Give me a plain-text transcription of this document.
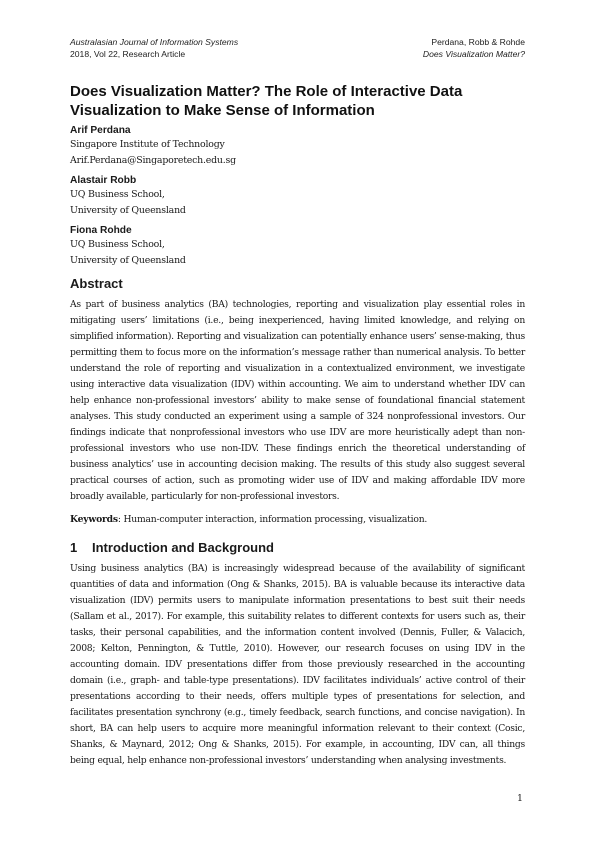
Australasian Journal of Information Systems
2018, Vol 22, Research Article
Perdana, Robb & Rohde
Does Visualization Matter?
Does Visualization Matter? The Role of Interactive Data Visualization to Make Sense of Information
Arif Perdana
Singapore Institute of Technology
Arif.Perdana@Singaporetech.edu.sg
Alastair Robb
UQ Business School,
University of Queensland
Fiona Rohde
UQ Business School,
University of Queensland
Abstract

As part of business analytics (BA) technologies, reporting and visualization play essential roles in mitigating users’ limitations (i.e., being inexperienced, having limited knowledge, and relying on simplified information). Reporting and visualization can potentially enhance users’ sense-making, thus permitting them to focus more on the information’s message rather than numerical analysis. To better understand the role of reporting and visualization in a contextualized environment, we investigate using interactive data visualization (IDV) within accounting. We aim to understand whether IDV can help enhance non-professional investors’ ability to make sense of foundational financial statement analyses. This study conducted an experiment using a sample of 324 nonprofessional investors. Our findings indicate that nonprofessional investors who use IDV are more heuristically adept than non-professional investors who use non-IDV. These findings enrich the theoretical understanding of business analytics’ use in accounting decision making. The results of this study also suggest several practical courses of action, such as promoting wider use of IDV and making affordable IDV more broadly available, particularly for non-professional investors.

Keywords: Human-computer interaction, information processing, visualization.
1 Introduction and Background

Using business analytics (BA) is increasingly widespread because of the availability of significant quantities of data and information (Ong & Shanks, 2015). BA is valuable because its interactive data visualization (IDV) permits users to manipulate information presentations to best suit their needs (Sallam et al., 2017). For example, this suitability relates to different contexts for users such as, their tasks, their personal capabilities, and the information content involved (Dennis, Fuller, & Valacich, 2008; Kelton, Pennington, & Tuttle, 2010). However, our research focuses on using IDV in the accounting domain. IDV presentations differ from those previously researched in the accounting domain (i.e., graph- and table-type presentations). IDV facilitates individuals’ active control of their presentations according to their needs, offers multiple types of presentations for selection, and facilitates presentation synchrony (e.g., timely feedback, search functions, and concise navigation). In short, BA can help users to acquire more meaningful information relevant to their context (Cosic, Shanks, & Maynard, 2012; Ong & Shanks, 2015). For example, in accounting, IDV can, all things being equal, help enhance non-professional investors’ understanding when analysing investments.

1
